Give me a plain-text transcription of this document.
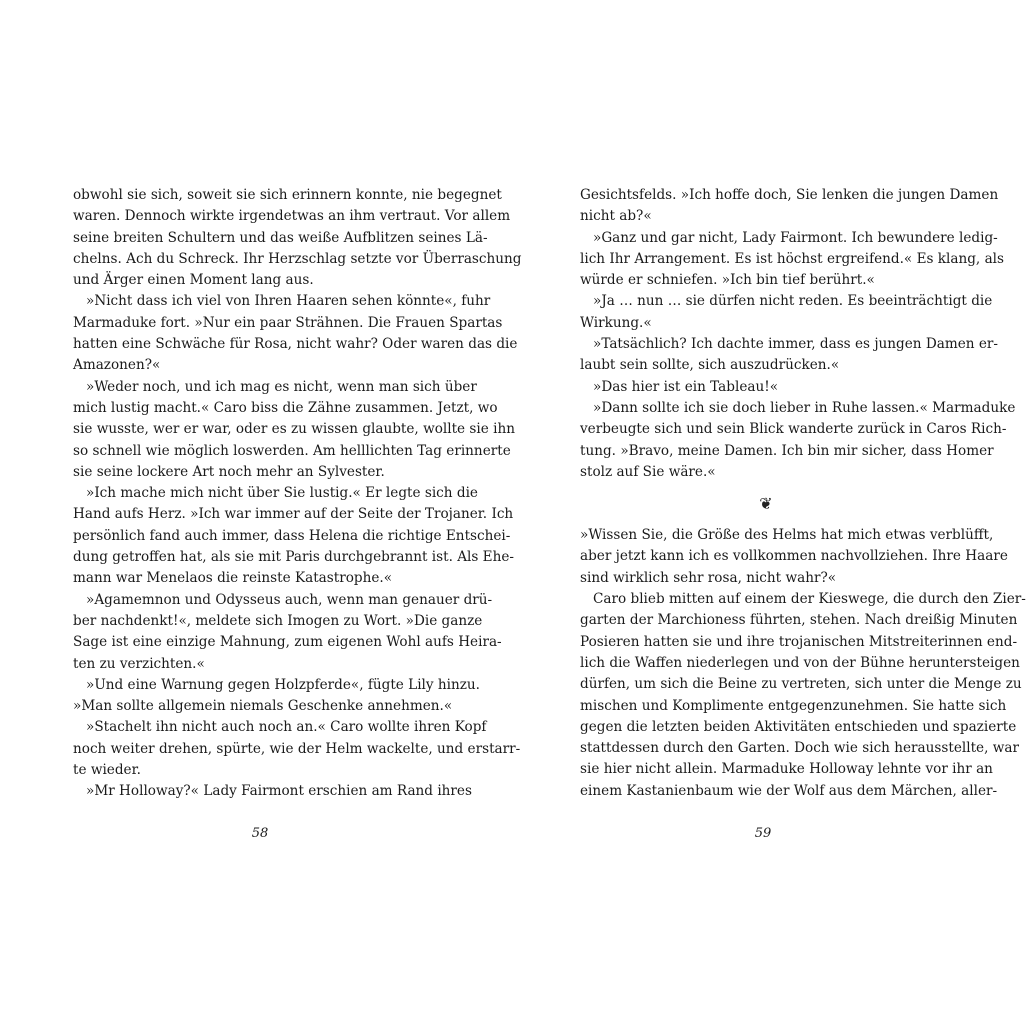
obwohl sie sich, soweit sie sich erinnern konnte, nie begegnet
waren. Dennoch wirkte irgendetwas an ihm vertraut. Vor allem
seine breiten Schultern und das weiße Aufblitzen seines Lä-
chelns. Ach du Schreck. Ihr Herzschlag setzte vor Überraschung
und Ärger einen Moment lang aus.
»Nicht dass ich viel von Ihren Haaren sehen könnte«, fuhr
Marmaduke fort. »Nur ein paar Strähnen. Die Frauen Spartas
hatten eine Schwäche für Rosa, nicht wahr? Oder waren das die
Amazonen?«
»Weder noch, und ich mag es nicht, wenn man sich über
mich lustig macht.« Caro biss die Zähne zusammen. Jetzt, wo
sie wusste, wer er war, oder es zu wissen glaubte, wollte sie ihn
so schnell wie möglich loswerden. Am helllichten Tag erinnerte
sie seine lockere Art noch mehr an Sylvester.
»Ich mache mich nicht über Sie lustig.« Er legte sich die
Hand aufs Herz. »Ich war immer auf der Seite der Trojaner. Ich
persönlich fand auch immer, dass Helena die richtige Entschei-
dung getroffen hat, als sie mit Paris durchgebrannt ist. Als Ehe-
mann war Menelaos die reinste Katastrophe.«
»Agamemnon und Odysseus auch, wenn man genauer drü-
ber nachdenkt!«, meldete sich Imogen zu Wort. »Die ganze
Sage ist eine einzige Mahnung, zum eigenen Wohl aufs Heira-
ten zu verzichten.«
»Und eine Warnung gegen Holzpferde«, fügte Lily hinzu.
»Man sollte allgemein niemals Geschenke annehmen.«
»Stachelt ihn nicht auch noch an.« Caro wollte ihren Kopf
noch weiter drehen, spürte, wie der Helm wackelte, und erstarr-
te wieder.
»Mr Holloway?« Lady Fairmont erschien am Rand ihres
Gesichtsfelds. »Ich hoffe doch, Sie lenken die jungen Damen
nicht ab?«
»Ganz und gar nicht, Lady Fairmont. Ich bewundere ledig-
lich Ihr Arrangement. Es ist höchst ergreifend.« Es klang, als
würde er schniefen. »Ich bin tief berührt.«
»Ja … nun … sie dürfen nicht reden. Es beeinträchtigt die
Wirkung.«
»Tatsächlich? Ich dachte immer, dass es jungen Damen er-
laubt sein sollte, sich auszudrücken.«
»Das hier ist ein Tableau!«
»Dann sollte ich sie doch lieber in Ruhe lassen.« Marmaduke
verbeugte sich und sein Blick wanderte zurück in Caros Rich-
tung. »Bravo, meine Damen. Ich bin mir sicher, dass Homer
stolz auf Sie wäre.«
❦
»Wissen Sie, die Größe des Helms hat mich etwas verblüfft,
aber jetzt kann ich es vollkommen nachvollziehen. Ihre Haare
sind wirklich sehr rosa, nicht wahr?«
Caro blieb mitten auf einem der Kieswege, die durch den Zier-
garten der Marchioness führten, stehen. Nach dreißig Minuten
Posieren hatten sie und ihre trojanischen Mitstreiterinnen end-
lich die Waffen niederlegen und von der Bühne heruntersteigen
dürfen, um sich die Beine zu vertreten, sich unter die Menge zu
mischen und Komplimente entgegenzunehmen. Sie hatte sich
gegen die letzten beiden Aktivitäten entschieden und spazierte
stattdessen durch den Garten. Doch wie sich herausstellte, war
sie hier nicht allein. Marmaduke Holloway lehnte vor ihr an
einem Kastanienbaum wie der Wolf aus dem Märchen, aller-
58	59
